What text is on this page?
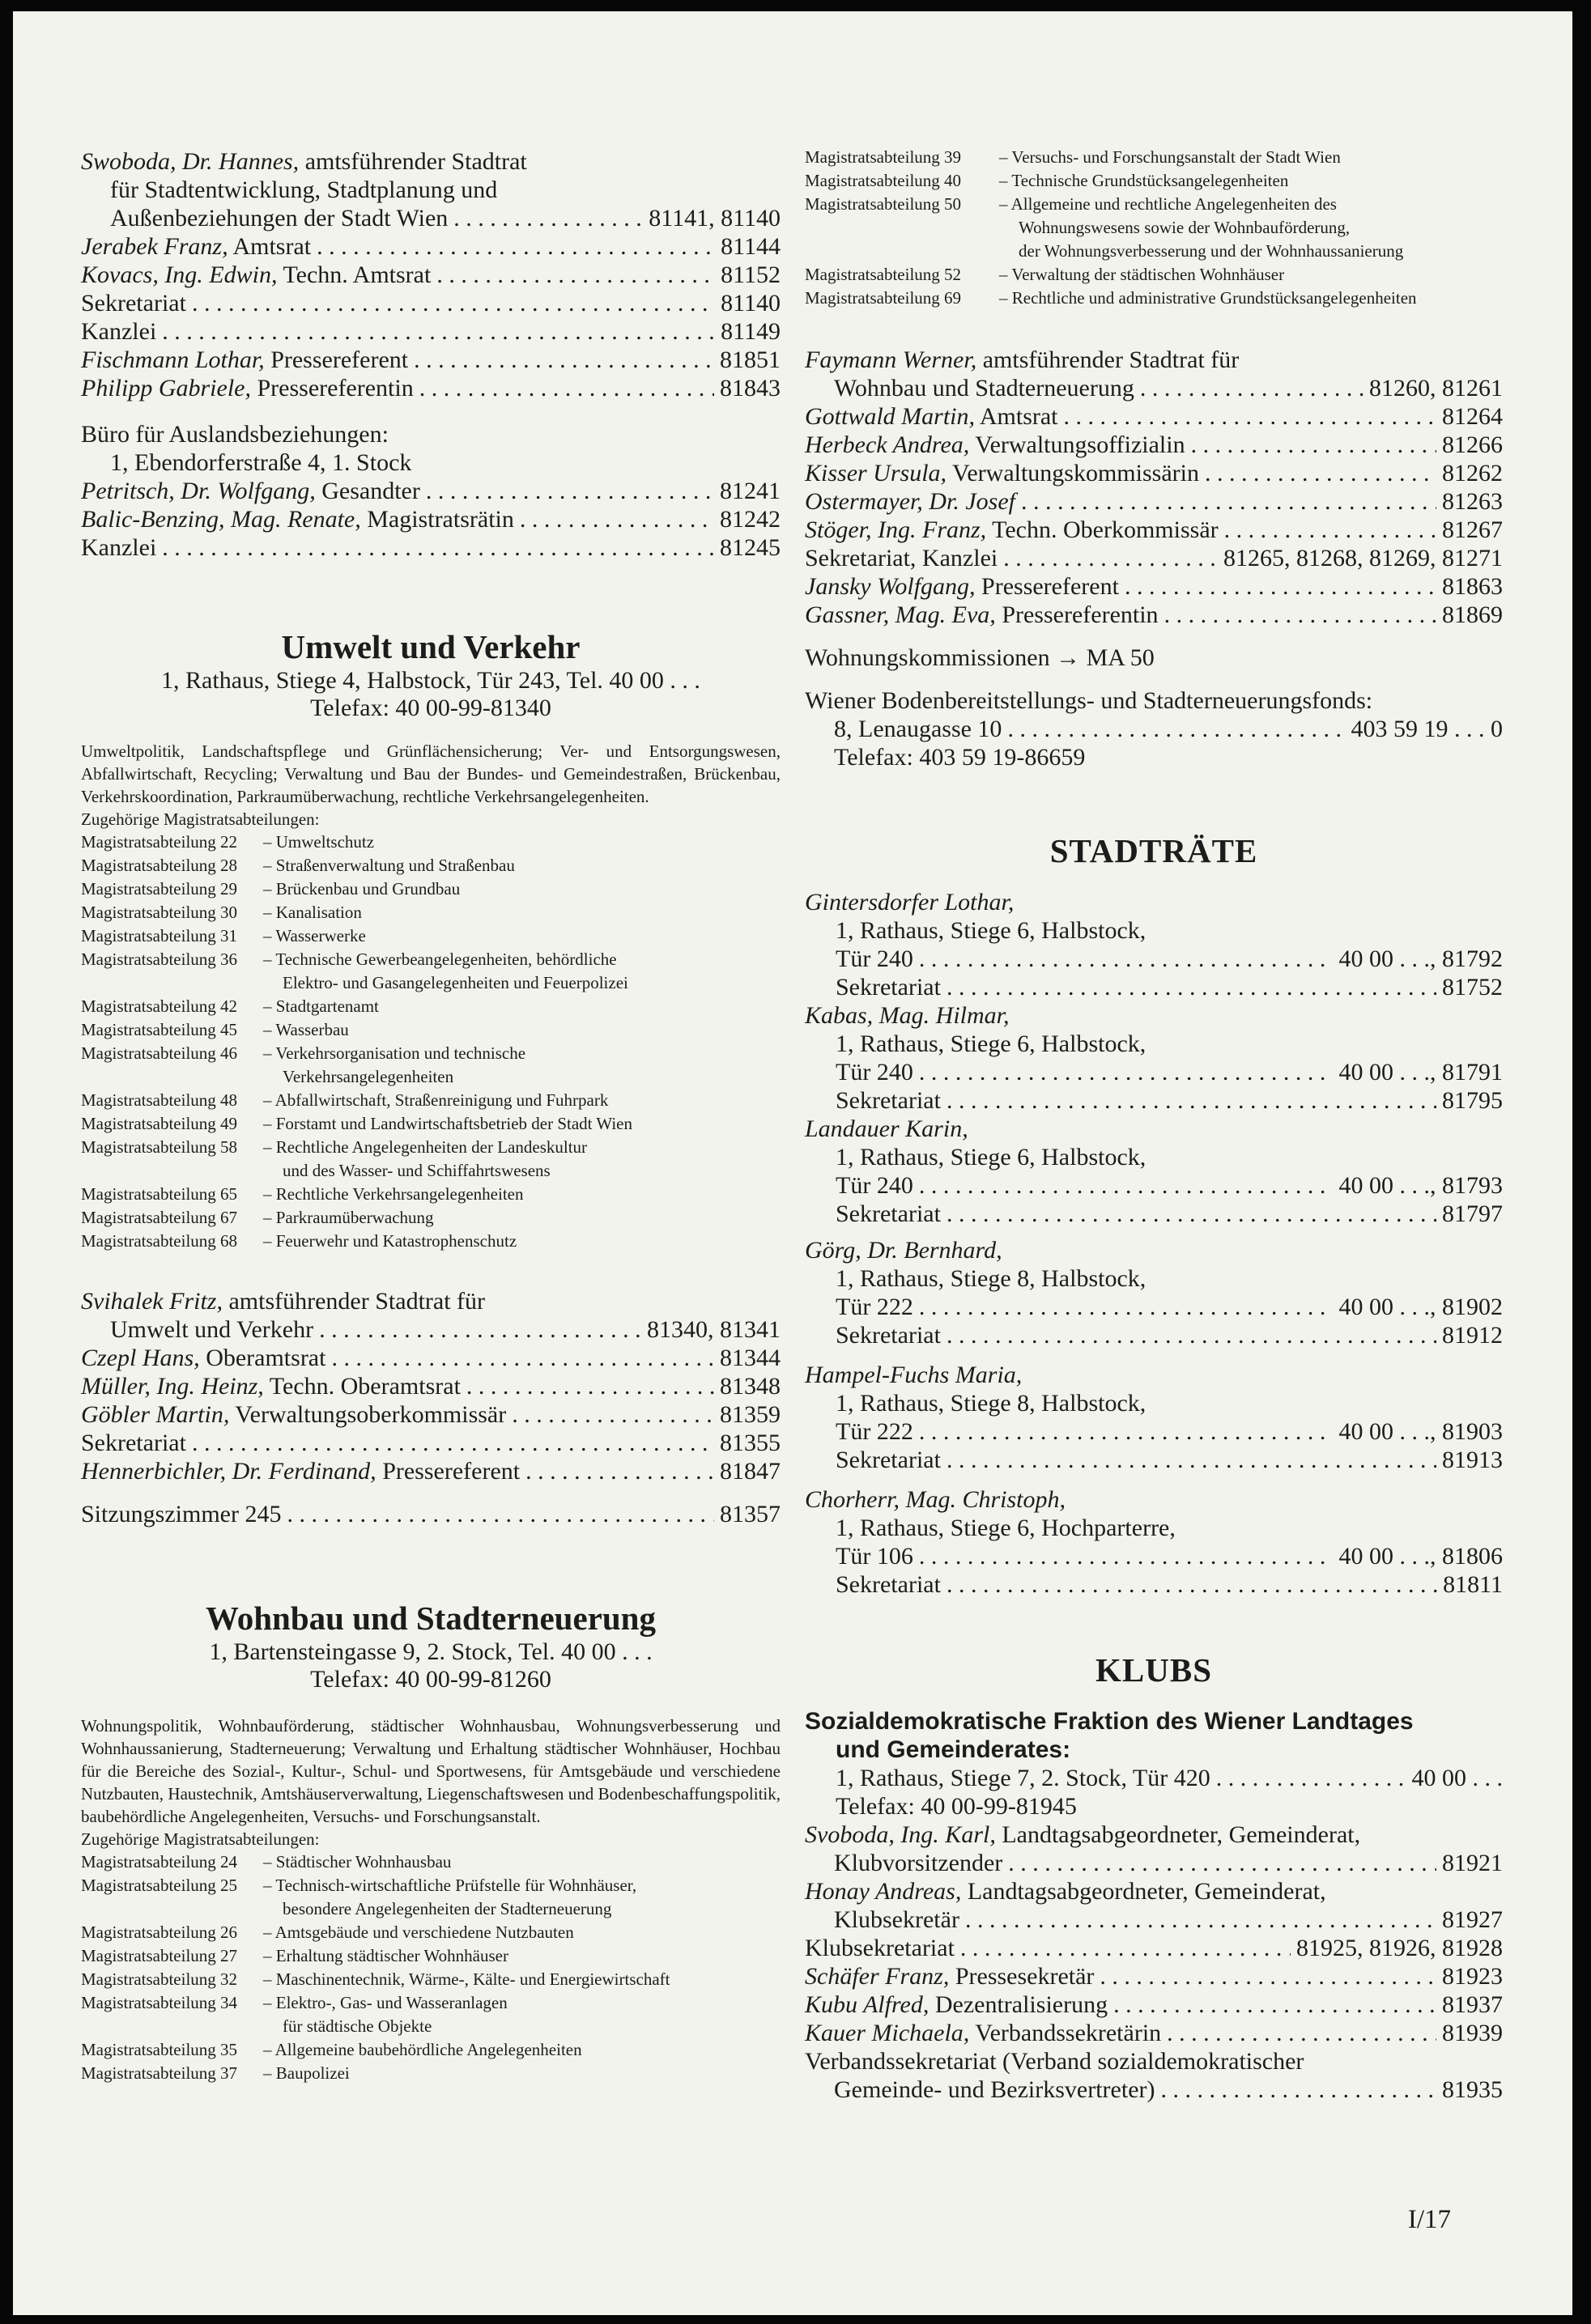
Swoboda, Dr. Hannes, amtsführender Stadtrat
für Stadtentwicklung, Stadtplanung und
Außenbeziehungen der Stadt Wien . . .	81141, 81140
Jerabek Franz, Amtsrat . . .	81144
Kovacs, Ing. Edwin, Techn. Amtsrat . . .	81152
Sekretariat . . .	81140
Kanzlei . . .	81149
Fischmann Lothar, Pressereferent . . .	81851
Philipp Gabriele, Pressereferentin . . .	81843
Büro für Auslandsbeziehungen:
1, Ebendorferstraße 4, 1. Stock
Petritsch, Dr. Wolfgang, Gesandter . . .	81241
Balic-Benzing, Mag. Renate, Magistratsrätin . . .	81242
Kanzlei . . .	81245
Umwelt und Verkehr
1, Rathaus, Stiege 4, Halbstock, Tür 243, Tel. 40 00 . . .
Telefax: 40 00-99-81340
Umweltpolitik, Landschaftspflege und Grünflächensicherung; Ver- und Entsorgungswesen, Abfallwirtschaft, Recycling; Verwaltung und Bau der Bundes- und Gemeindestraßen, Brückenbau, Verkehrskoordination, Parkraumüberwachung, rechtliche Verkehrsangelegenheiten.
Zugehörige Magistratsabteilungen:
Magistratsabteilung 22	– Umweltschutz
Magistratsabteilung 28	– Straßenverwaltung und Straßenbau
Magistratsabteilung 29	– Brückenbau und Grundbau
Magistratsabteilung 30	– Kanalisation
Magistratsabteilung 31	– Wasserwerke
Magistratsabteilung 36	– Technische Gewerbeangelegenheiten, behördliche
Elektro- und Gasangelegenheiten und Feuerpolizei
Magistratsabteilung 42	– Stadtgartenamt
Magistratsabteilung 45	– Wasserbau
Magistratsabteilung 46	– Verkehrsorganisation und technische
Verkehrsangelegenheiten
Magistratsabteilung 48	– Abfallwirtschaft, Straßenreinigung und Fuhrpark
Magistratsabteilung 49	– Forstamt und Landwirtschaftsbetrieb der Stadt Wien
Magistratsabteilung 58	– Rechtliche Angelegenheiten der Landeskultur
und des Wasser- und Schiffahrtswesens
Magistratsabteilung 65	– Rechtliche Verkehrsangelegenheiten
Magistratsabteilung 67	– Parkraumüberwachung
Magistratsabteilung 68	– Feuerwehr und Katastrophenschutz
Svihalek Fritz, amtsführender Stadtrat für
Umwelt und Verkehr . . .	81340, 81341
Czepl Hans, Oberamtsrat . . .	81344
Müller, Ing. Heinz, Techn. Oberamtsrat . . .	81348
Göbler Martin, Verwaltungsoberkommissär . . .	81359
Sekretariat . . .	81355
Hennerbichler, Dr. Ferdinand, Pressereferent . . .	81847
Sitzungszimmer 245 . . .	81357
Wohnbau und Stadterneuerung
1, Bartensteingasse 9, 2. Stock, Tel. 40 00 . . .
Telefax: 40 00-99-81260
Wohnungspolitik, Wohnbauförderung, städtischer Wohnhausbau, Wohnungsverbesserung und Wohnhaussanierung, Stadterneuerung; Verwaltung und Erhaltung städtischer Wohnhäuser, Hochbau für die Bereiche des Sozial-, Kultur-, Schul- und Sportwesens, für Amtsgebäude und verschiedene Nutzbauten, Haustechnik, Amtshäuserverwaltung, Liegenschaftswesen und Bodenbeschaffungspolitik, baubehördliche Angelegenheiten, Versuchs- und Forschungsanstalt.
Zugehörige Magistratsabteilungen:
Magistratsabteilung 24	– Städtischer Wohnhausbau
Magistratsabteilung 25	– Technisch-wirtschaftliche Prüfstelle für Wohnhäuser,
besondere Angelegenheiten der Stadterneuerung
Magistratsabteilung 26	– Amtsgebäude und verschiedene Nutzbauten
Magistratsabteilung 27	– Erhaltung städtischer Wohnhäuser
Magistratsabteilung 32	– Maschinentechnik, Wärme-, Kälte- und Energiewirtschaft
Magistratsabteilung 34	– Elektro-, Gas- und Wasseranlagen
für städtische Objekte
Magistratsabteilung 35	– Allgemeine baubehördliche Angelegenheiten
Magistratsabteilung 37	– Baupolizei
Magistratsabteilung 39	– Versuchs- und Forschungsanstalt der Stadt Wien
Magistratsabteilung 40	– Technische Grundstücksangelegenheiten
Magistratsabteilung 50	– Allgemeine und rechtliche Angelegenheiten des
Wohnungswesens sowie der Wohnbauförderung,
der Wohnungsverbesserung und der Wohnhaussanierung
Magistratsabteilung 52	– Verwaltung der städtischen Wohnhäuser
Magistratsabteilung 69	– Rechtliche und administrative Grundstücksangelegenheiten
Faymann Werner, amtsführender Stadtrat für
Wohnbau und Stadterneuerung . . .	81260, 81261
Gottwald Martin, Amtsrat . . .	81264
Herbeck Andrea, Verwaltungsoffizialin . . .	81266
Kisser Ursula, Verwaltungskommissärin . . .	81262
Ostermayer, Dr. Josef . . .	81263
Stöger, Ing. Franz, Techn. Oberkommissär . . .	81267
Sekretariat, Kanzlei . . .	81265, 81268, 81269, 81271
Jansky Wolfgang, Pressereferent . . .	81863
Gassner, Mag. Eva, Pressereferentin . . .	81869
Wohnungskommissionen → MA 50
Wiener Bodenbereitstellungs- und Stadterneuerungsfonds:
8, Lenaugasse 10 . . .	403 59 19 . . . 0
Telefax: 403 59 19-86659
STADTRÄTE
Gintersdorfer Lothar,
1, Rathaus, Stiege 6, Halbstock,
Tür 240 . . .	40 00 . . ., 81792
Sekretariat . . .	81752
Kabas, Mag. Hilmar,
1, Rathaus, Stiege 6, Halbstock,
Tür 240 . . .	40 00 . . ., 81791
Sekretariat . . .	81795
Landauer Karin,
1, Rathaus, Stiege 6, Halbstock,
Tür 240 . . .	40 00 . . ., 81793
Sekretariat . . .	81797
Görg, Dr. Bernhard,
1, Rathaus, Stiege 8, Halbstock,
Tür 222 . . .	40 00 . . ., 81902
Sekretariat . . .	81912
Hampel-Fuchs Maria,
1, Rathaus, Stiege 8, Halbstock,
Tür 222 . . .	40 00 . . ., 81903
Sekretariat . . .	81913
Chorherr, Mag. Christoph,
1, Rathaus, Stiege 6, Hochparterre,
Tür 106 . . .	40 00 . . ., 81806
Sekretariat . . .	81811
KLUBS
Sozialdemokratische Fraktion des Wiener Landtages
und Gemeinderates:
1, Rathaus, Stiege 7, 2. Stock, Tür 420 . . .	40 00 . . .
Telefax: 40 00-99-81945
Svoboda, Ing. Karl, Landtagsabgeordneter, Gemeinderat,
Klubvorsitzender . . .	81921
Honay Andreas, Landtagsabgeordneter, Gemeinderat,
Klubsekretär . . .	81927
Klubsekretariat . . .	81925, 81926, 81928
Schäfer Franz, Pressesekretär . . .	81923
Kubu Alfred, Dezentralisierung . . .	81937
Kauer Michaela, Verbandssekretärin . . .	81939
Verbandssekretariat (Verband sozialdemokratischer
Gemeinde- und Bezirksvertreter) . . .	81935
I/17
